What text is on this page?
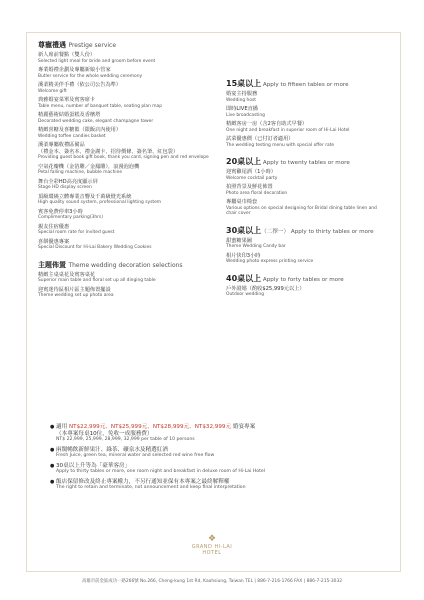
尊寵禮遇 Prestige service
新人席前餐點（雙人份）
Selected light meal for bride and groom before event
專業婚禮企劃及專屬新娘小管家
Butler service for the whole wedding ceremony
溪柔精美伴手禮（依公司公告為準）
Welcome gift
典雅婚宴菜單及賓客席卡
Table menu, number of banquet table, seating plan map
精麗藝術結婚蛋糕及香檳塔
Decorated wedding cake, elegant champagne tower
精緻喜糖及喜糖籃（限飯店內使用）
Wedding toffee candies basket
溪柔專屬收禮區備品
（禮金本、簽名本、禮金謝卡、招待價條、簽名筆、紅包袋）
Providing guest book gift book, thank you card, signing pen and red envelope
空氣花瓣機（金箔雕／金鳳雕），浪漫泡泡機
Petal falling machine, bubble machine
舞台全彩HD高亮度顯示屏
Stage HD display screen
頂級環繞立體專業音響及千萬級燈光系統
High quality sound system, professional lighting system
賓客免費停車3小時
Complimentary parking(3hrs)
親友住宿優惠
Special room rate for invited guest
喜餅優惠專案
Special Discount for Hi-Lai Bakery Wedding Cookies
主題佈置 Theme wedding decoration selections
精緻主桌桌花及賓客桌花
Superior main table and floral set up all dinging table
迎賓迷待區相片區主題佈置擺設
Theme wedding set up photo area
15桌以上 Apply to fifteen tables or more
婚宴主持服務
Wedding host
即時LIVE直播
Live broadcasting
精緻客房一房（含2客自助式早餐）
One night and breakfast in superior room of Hi-Lai Hotel
試菜優惠價（已付訂者適用）
The wedding testing menu with special offer rate
20桌以上 Apply to twenty tables or more
迎賓雞尾酒（1小時）
Welcome cocktail party
拍照背景及鮮花佈置
Photo area floral decoration
專屬桌巾椅套
Various options on special designing for Bridal dining table linen and chair cover
30桌以上（二擇一） Apply to thirty tables or more
甜蜜糖果圖
Theme Wedding Candy bar
相片快印3小時
Wedding photo express printing service
40桌以上 Apply to forty tables or more
戶外證婚（酌收$25,999元以上）
Outdoor wedding
● 適用 NT$22,999元、NT$25,999元、NT$28,999元、NT$32,999元 婚宴專案
（本專案每桌10位，免收一成服務費）
NT$ 22,999, 25,999, 28,999, 32,999 per table of 10 persons
● 兩闊暢飲新鮮果汁、綠茶、礦泉水及精選紅酒
Fresh Juice, green tea, mineral water and selected red wine free flow
● 30桌以上升等為「豪華客房」
Apply to thirty tables or more, one room night and breakfast in deluxe room of Hi-Lai Hotel
● 飯店保留修改及終止專案權力，不另行通知並保有本專案之最終解釋權
The right to retain and terminate, not announcement and keep final interpretation
❖
GRAND HI-LAI HOTEL
高雄市前金區成功一路266號 No.266, Cheng-kung 1st Rd, Kaohsiung, Taiwan TEL | 886-7-216-1766 FAX | 886-7-215-3032
